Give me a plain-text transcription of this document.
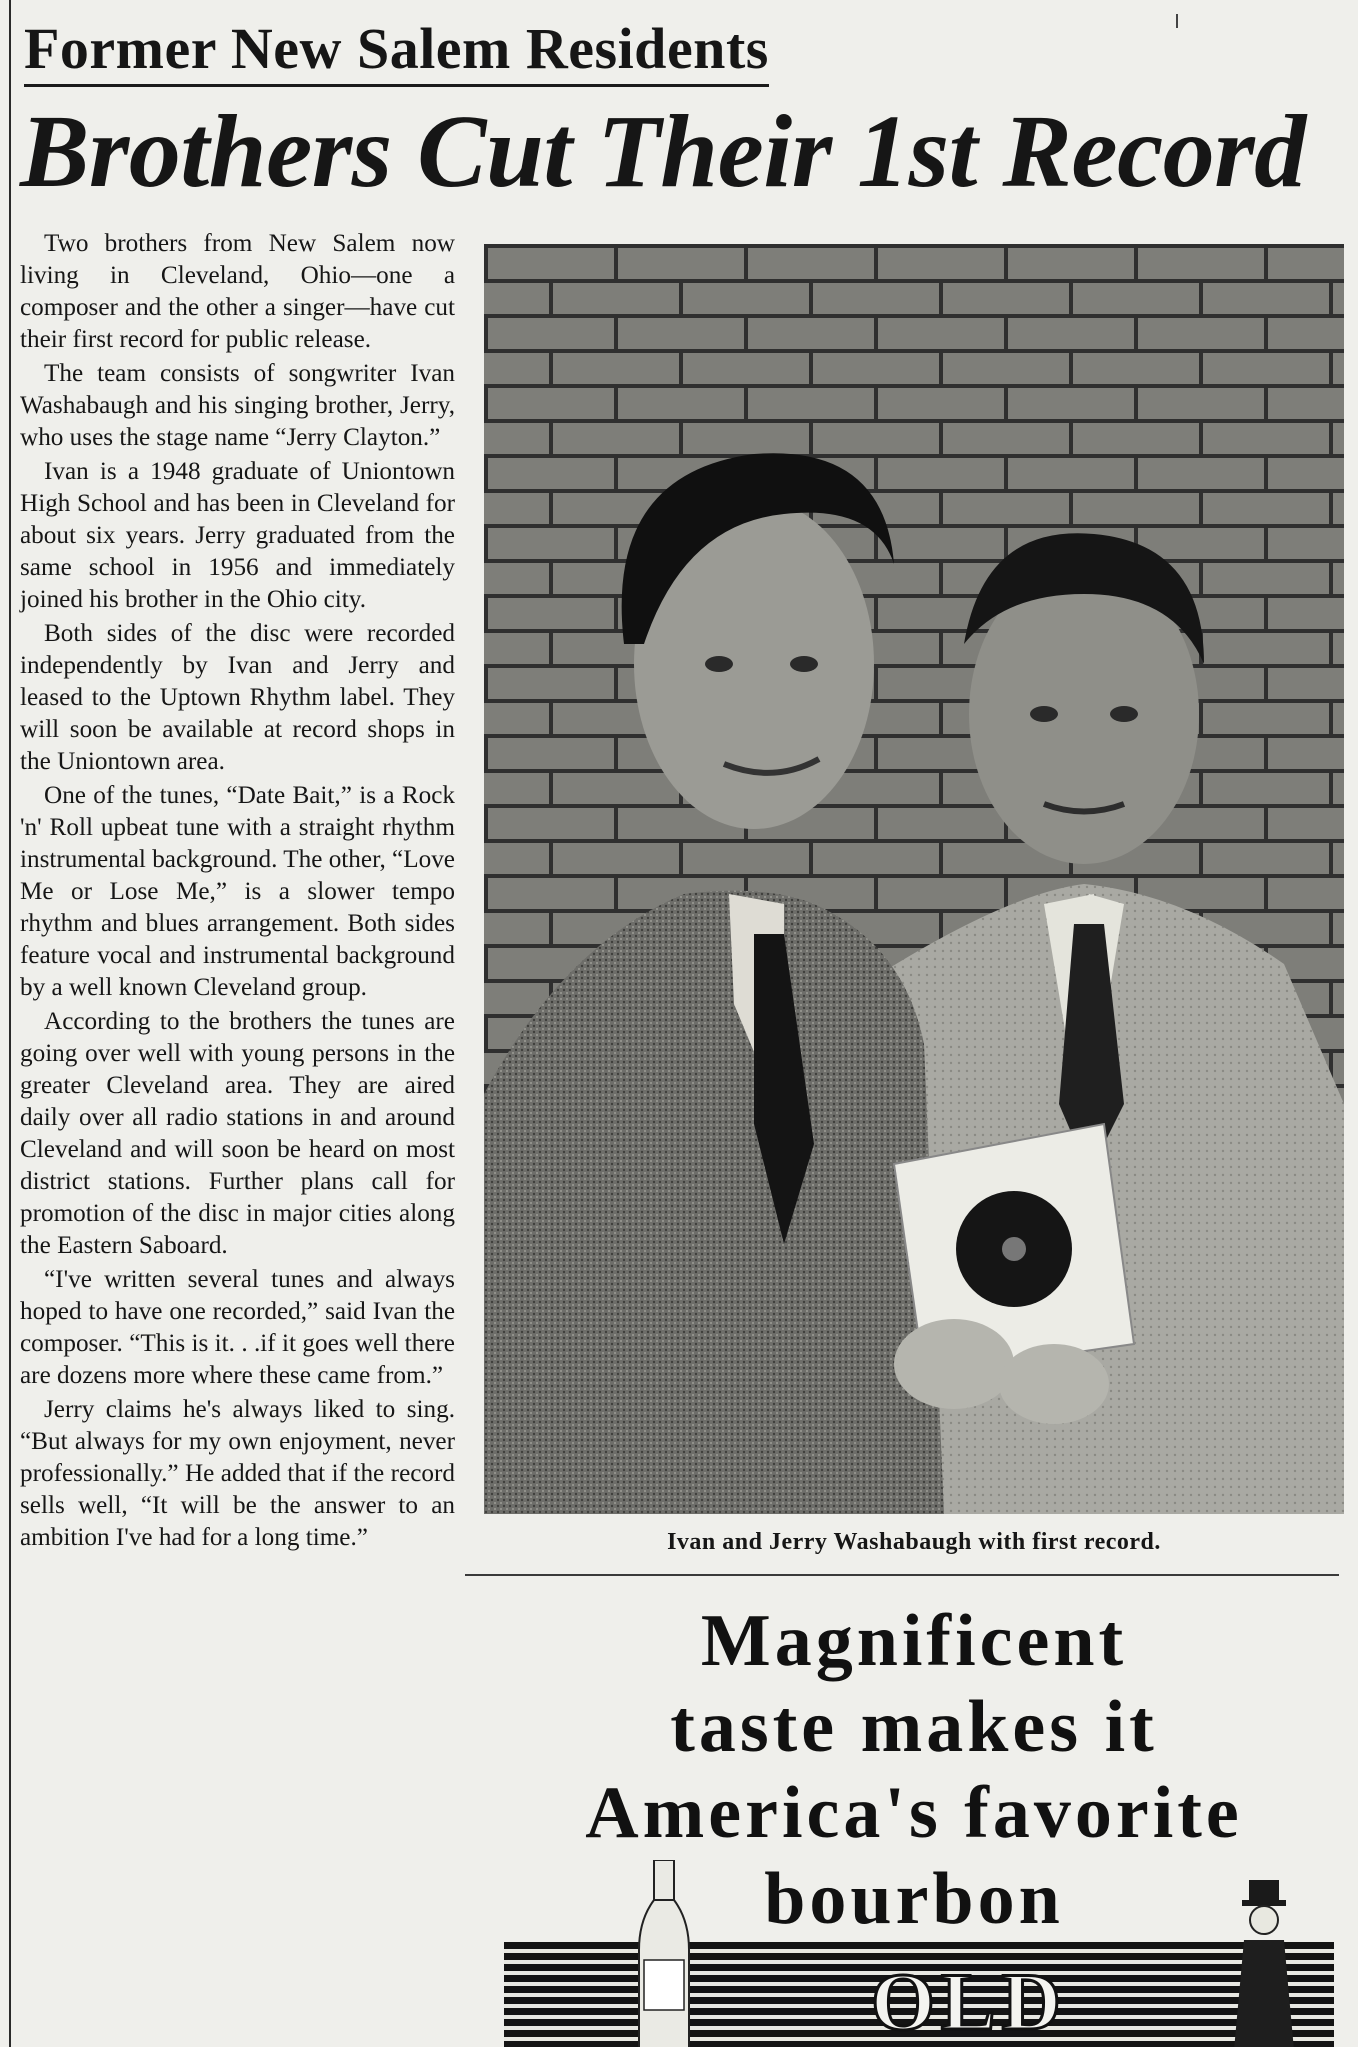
Former New Salem Residents
Brothers Cut Their 1st Record

Two brothers from New Salem now living in Cleveland, Ohio—one a composer and the other a singer—have cut their first record for public release.

The team consists of songwriter Ivan Washabaugh and his singing brother, Jerry, who uses the stage name “Jerry Clayton.”

Ivan is a 1948 graduate of Uniontown High School and has been in Cleveland for about six years. Jerry graduated from the same school in 1956 and immediately joined his brother in the Ohio city.

Both sides of the disc were recorded independently by Ivan and Jerry and leased to the Uptown Rhythm label. They will soon be available at record shops in the Uniontown area.

One of the tunes, “Date Bait,” is a Rock 'n' Roll upbeat tune with a straight rhythm instrumental background. The other, “Love Me or Lose Me,” is a slower tempo rhythm and blues arrangement. Both sides feature vocal and instrumental background by a well known Cleveland group.

According to the brothers the tunes are going over well with young persons in the greater Cleveland area. They are aired daily over all radio stations in and around Cleveland and will soon be heard on most district stations. Further plans call for promotion of the disc in major cities along the Eastern Saboard.

“I've written several tunes and always hoped to have one recorded,” said Ivan the composer. “This is it. . .if it goes well there are dozens more where these came from.”

Jerry claims he's always liked to sing. “But always for my own enjoyment, never professionally.” He added that if the record sells well, “It will be the answer to an ambition I've had for a long time.”	Ivan and Jerry Washabaugh with first record.
Magnificent
taste makes it
America's favorite
bourbon
OLD
